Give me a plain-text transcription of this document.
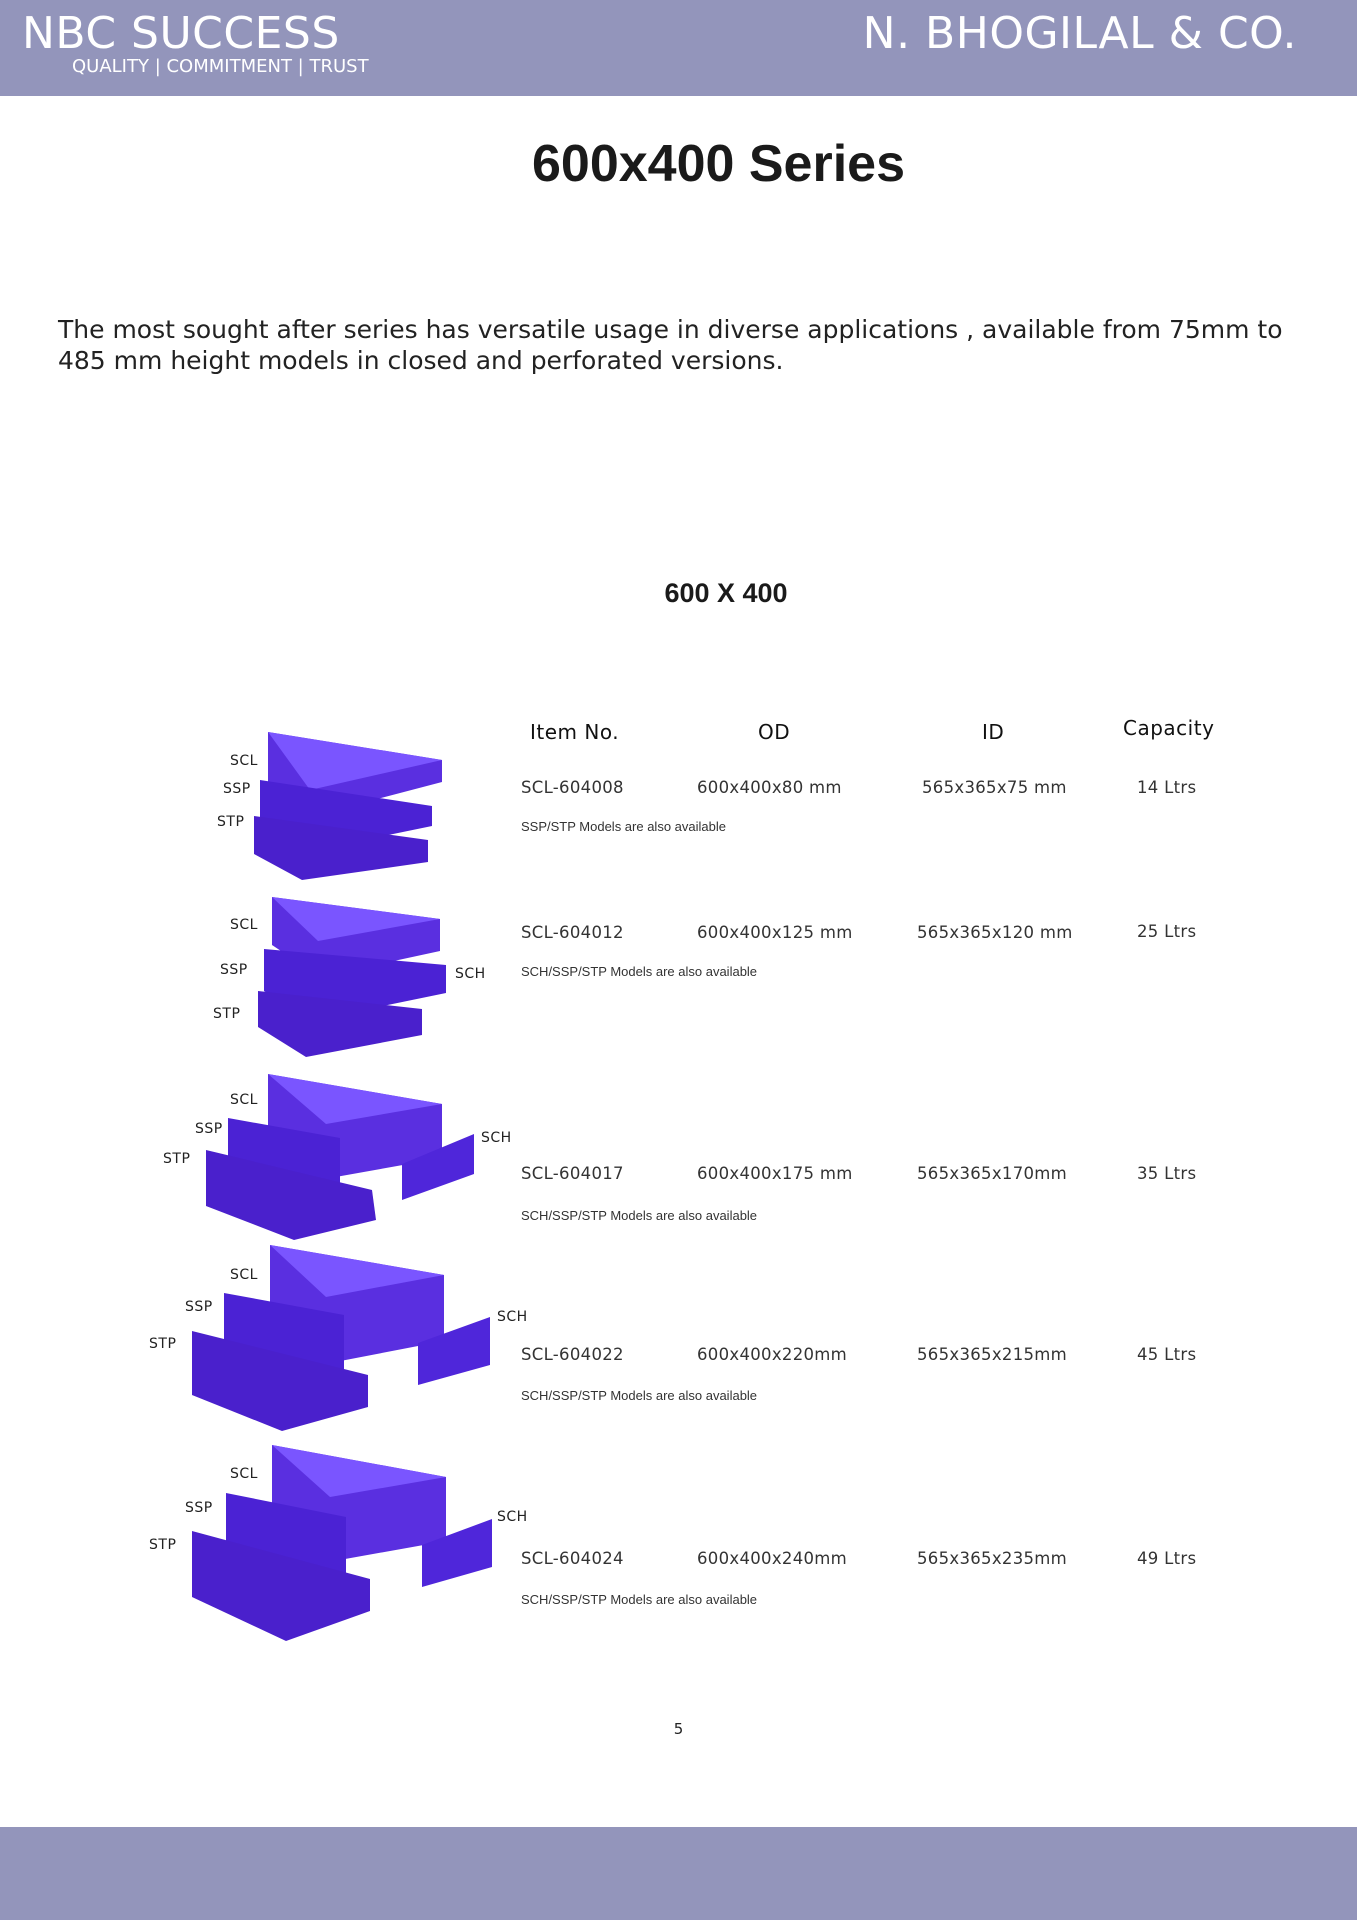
NBC SUCCESS
QUALITY | COMMITMENT | TRUST
N. BHOGILAL & CO.
600x400 Series
The most sought after series has versatile usage in diverse applications , available from 75mm to 485 mm height models in closed and perforated versions.
600 X 400
Item No.	OD	ID	Capacity
SCL-604008	600x400x80 mm	565x365x75 mm	14 Ltrs
SSP/STP Models are also available
SCL-604012	600x400x125 mm	565x365x120 mm	25 Ltrs
SCH/SSP/STP Models are also available
SCL-604017	600x400x175 mm	565x365x170mm	35 Ltrs
SCH/SSP/STP Models are also available
SCL-604022	600x400x220mm	565x365x215mm	45 Ltrs
SCH/SSP/STP Models are also available
SCL-604024	600x400x240mm	565x365x235mm	49 Ltrs
SCH/SSP/STP Models are also available
SCL
SSP
STP
SCL
SSP
STP
SCH
SCL
SSP
STP
SCH
SCL
SSP
STP
SCH
SCL
SSP
STP
SCH
5
